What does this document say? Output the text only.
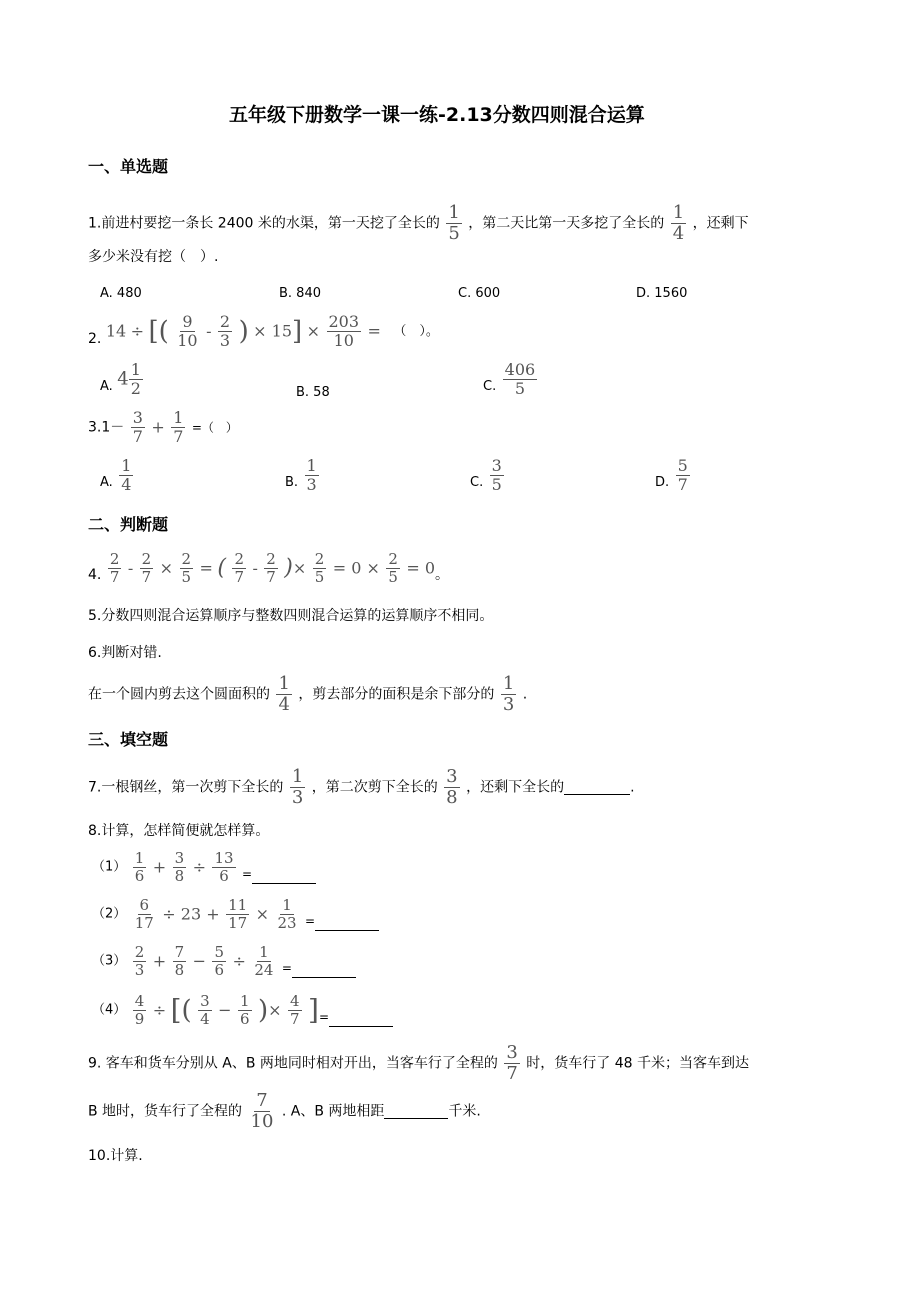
五年级下册数学一课一练-2.13分数四则混合运算
一、单选题
1.前进村要挖一条长 2400 米的水渠，第一天挖了全长的 $\frac{1}{5}$ ，第二天比第一天多挖了全长的 $\frac{1}{4}$ ，还剩下
多少米没有挖（　）.
A. 480	B. 840	C. 600	D. 1560
2. 14 ÷ [( $\frac{9}{10} - \frac{2}{3}$ ) × $15] \times \frac{203}{10}$ = （　）。
A. $4 \frac{1}{2}$	B. 58	C. $\frac{406}{5}$
$3.1- \frac{3}{7} + \frac{1}{7}$ =（　）
A. $\frac{1}{4}$	B. $\frac{1}{3}$	C. $\frac{3}{5}$	D. $\frac{5}{7}$
二、判断题
4. $\frac{2}{7} - \frac{2}{7} \times \frac{2}{5}$ = ( $\frac{2}{7} - \frac{2}{7}$ )× $\frac{2}{5} = 0 \times \frac{2}{5} = 0$。
5.分数四则混合运算顺序与整数四则混合运算的运算顺序不相同。
6.判断对错.
在一个圆内剪去这个圆面积的 $\frac{1}{4}$ ，剪去部分的面积是余下部分的 $\frac{1}{3}$ .
三、填空题
7.一根钢丝，第一次剪下全长的 $\frac{1}{3}$ ，第二次剪下全长的 $\frac{3}{8}$ ，还剩下全长的	.
8.计算，怎样简便就怎样算。
$(1) \frac{1}{6} + \frac{3}{8} \div \frac{13}{6}$ =
$(2) \frac{6}{17} \div 23 + \frac{11}{17} \times \frac{1}{23}$ =
$(3) \frac{2}{3} + \frac{7}{8} - \frac{5}{6} \div \frac{1}{24}$ =
$(4) \frac{4}{9}$ ÷ [( $\frac{3}{4} - \frac{1}{6}$ )× $\frac{4}{7}$ ]=
9. 客车和货车分别从 A、B 两地同时相对开出，当客车行了全程的 $\frac{3}{7}$ 时，货车行了 48 千米；当客车到达
B 地时，货车行了全程的 $\frac{7}{10}$ . A、B 两地相距	千米.
10.计算.
